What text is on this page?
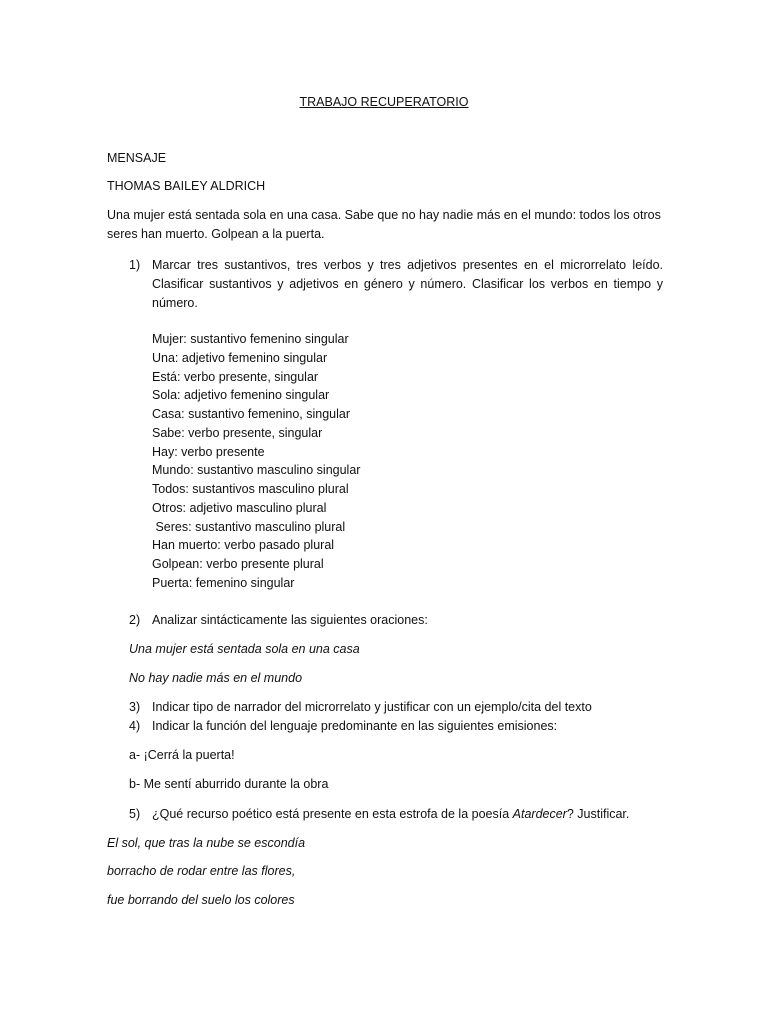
TRABAJO RECUPERATORIO
MENSAJE
THOMAS BAILEY ALDRICH
Una mujer está sentada sola en una casa. Sabe que no hay nadie más en el mundo: todos los otros seres han muerto. Golpean a la puerta.
1) Marcar tres sustantivos, tres verbos y tres adjetivos presentes en el microrrelato leído. Clasificar sustantivos y adjetivos en género y número. Clasificar los verbos en tiempo y número.
Mujer: sustantivo femenino singular
Una: adjetivo femenino singular
Está: verbo presente, singular
Sola: adjetivo femenino singular
Casa: sustantivo femenino, singular
Sabe: verbo presente, singular
Hay: verbo presente
Mundo: sustantivo masculino singular
Todos: sustantivos masculino plural
Otros: adjetivo masculino plural
Seres: sustantivo masculino plural
Han muerto: verbo pasado plural
Golpean: verbo presente plural
Puerta: femenino singular
2) Analizar sintácticamente las siguientes oraciones:
Una mujer está sentada sola en una casa
No hay nadie más en el mundo
3) Indicar tipo de narrador del microrrelato y justificar con un ejemplo/cita del texto
4) Indicar la función del lenguaje predominante en las siguientes emisiones:
a- ¡Cerrá la puerta!
b- Me sentí aburrido durante la obra
5) ¿Qué recurso poético está presente en esta estrofa de la poesía Atardecer? Justificar.
El sol, que tras la nube se escondía
borracho de rodar entre las flores,
fue borrando del suelo los colores
